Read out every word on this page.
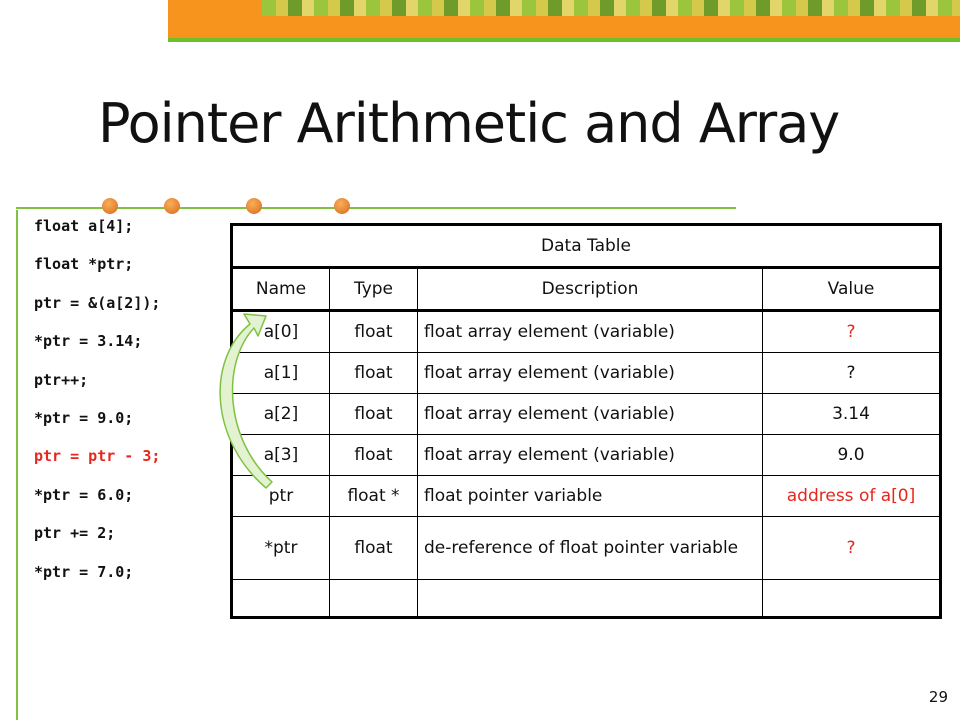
Pointer Arithmetic and Array
float a[4];
float *ptr;
ptr = &(a[2]);
*ptr = 3.14;
ptr++;
*ptr = 9.0;
ptr = ptr - 3;
*ptr = 6.0;
ptr += 2;
*ptr = 7.0;
Data Table			
Name	Type	Description	Value
a[0]	float	float array element (variable)	?
a[1]	float	float array element (variable)	?
a[2]	float	float array element (variable)	3.14
a[3]	float	float array element (variable)	9.0
ptr	float *	float pointer variable	address of a[0]
*ptr	float	de-reference of float pointer variable	?

29
